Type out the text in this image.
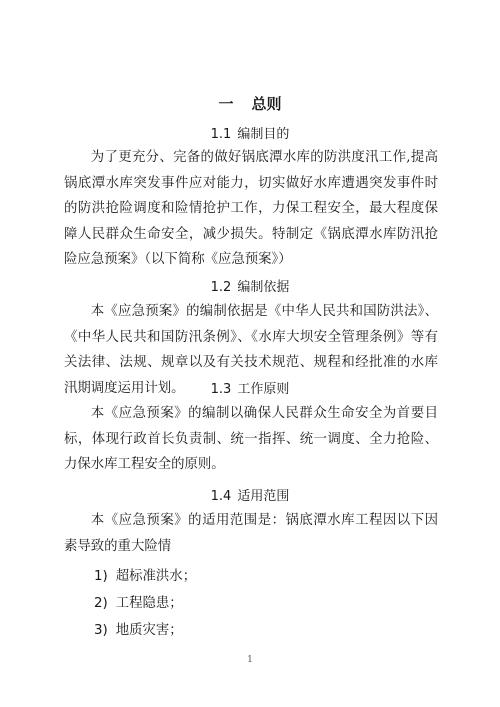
一 总则
1.1 编制目的
为了更充分、完备的做好锅底潭水库的防洪度汛工作,提高锅底潭水库突发事件应对能力，切实做好水库遭遇突发事件时的防洪抢险调度和险情抢护工作，力保工程安全，最大程度保障人民群众生命安全，减少损失。特制定《锅底潭水库防汛抢险应急预案》（以下简称《应急预案》）
1.2 编制依据
本《应急预案》的编制依据是《中华人民共和国防洪法》、《中华人民共和国防汛条例》、《水库大坝安全管理条例》等有关法律、法规、规章以及有关技术规范、规程和经批准的水库汛期调度运用计划。	1.3 工作原则
本《应急预案》的编制以确保人民群众生命安全为首要目标，体现行政首长负责制、统一指挥、统一调度、全力抢险、力保水库工程安全的原则。
1.4 适用范围
本《应急预案》的适用范围是：锅底潭水库工程因以下因素导致的重大险情
1) 超标准洪水；
2) 工程隐患；
3) 地质灾害；
1
